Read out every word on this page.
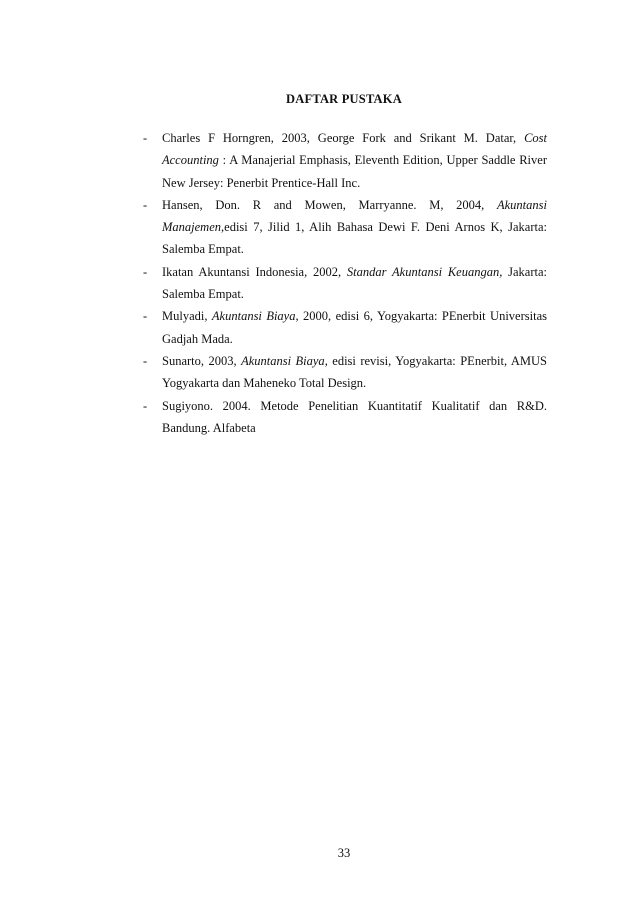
DAFTAR PUSTAKA
- Charles F Horngren, 2003, George Fork and Srikant M. Datar, Cost Accounting : A Manajerial Emphasis, Eleventh Edition, Upper Saddle River New Jersey: Penerbit Prentice-Hall Inc.
- Hansen, Don. R and Mowen, Marryanne. M, 2004, Akuntansi Manajemen,edisi 7, Jilid 1, Alih Bahasa Dewi F. Deni Arnos K, Jakarta: Salemba Empat.
- Ikatan Akuntansi Indonesia, 2002, Standar Akuntansi Keuangan, Jakarta: Salemba Empat.
- Mulyadi, Akuntansi Biaya, 2000, edisi 6, Yogyakarta: PEnerbit Universitas Gadjah Mada.
- Sunarto, 2003, Akuntansi Biaya, edisi revisi, Yogyakarta: PEnerbit, AMUS Yogyakarta dan Maheneko Total Design.
- Sugiyono. 2004. Metode Penelitian Kuantitatif Kualitatif dan R&D. Bandung. Alfabeta
33
